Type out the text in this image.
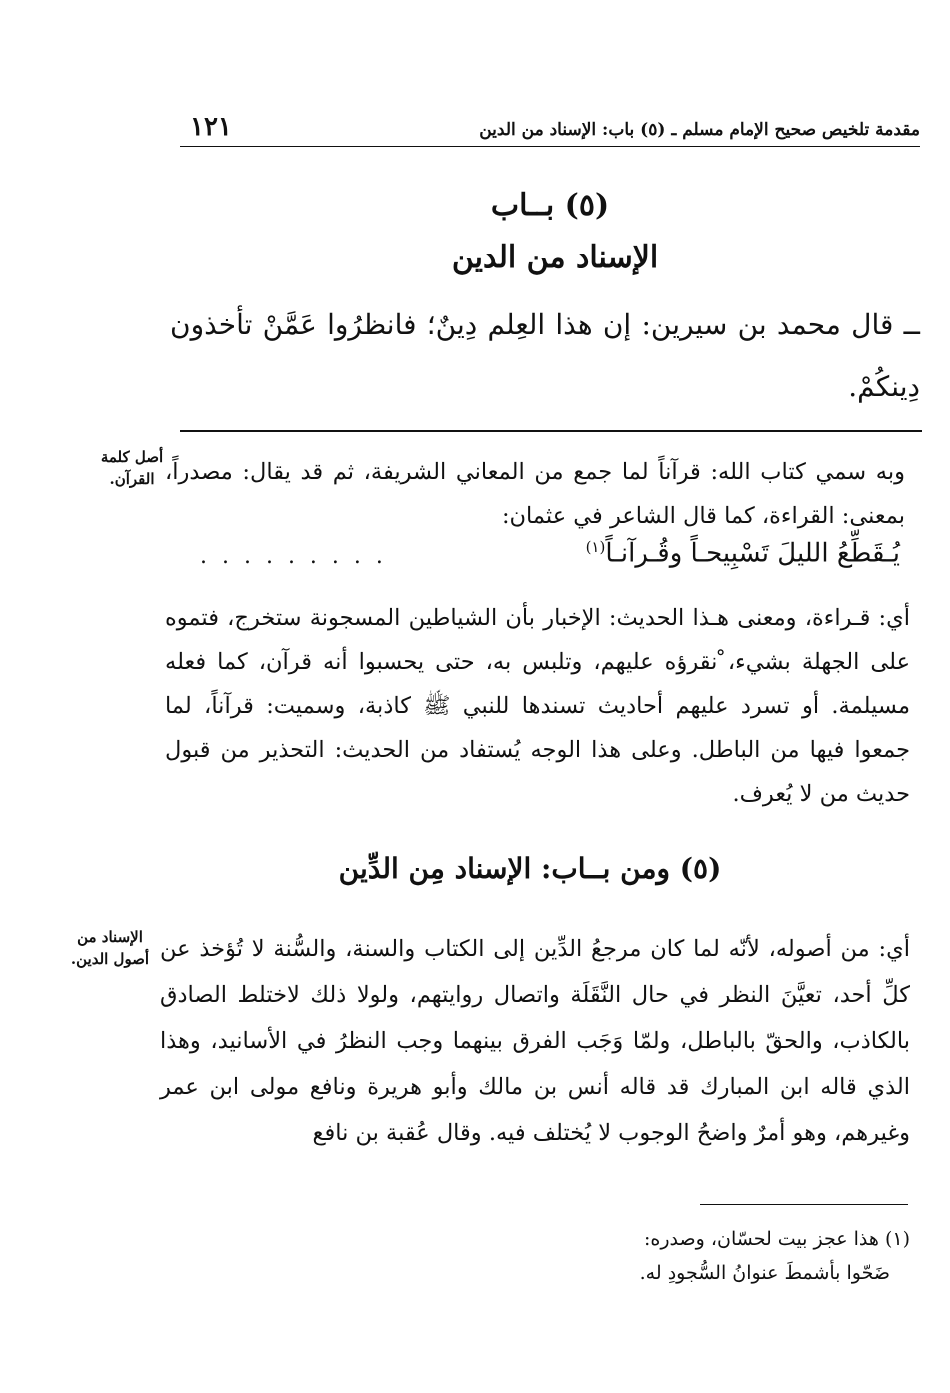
١٢١	مقدمة تلخيص صحيح الإمام مسلم ـ (٥) باب: الإسناد من الدين
(٥) بــاب
الإسناد من الدين
ــ قال محمد بن سيرين: إن هذا العِلم دِينٌ؛ فانظرُوا عَمَّنْ تأخذون دِينكُمْ.
أصل كلمة القرآن. وبه سمي كتاب الله: قرآناً لما جمع من المعاني الشريفة، ثم قد يقال: مصدراً، بمعنى: القراءة، كما قال الشاعر في عثمان:
. . . . . . . . .	يُـقَطِّعُ الليلَ تَسْبِيحـاً وقُـرآنـاً$^{(١)}$
أي: قـراءة، ومعنى هـذا الحديث: الإخبار بأن الشياطين المسجونة ستخرج، فتموه على الجهلة بشيء، ْنقرؤه عليهم، وتلبس به، حتى يحسبوا أنه قرآن، كما فعله مسيلمة. أو تسرد عليهم أحاديث تسندها للنبي ﷺ كاذبة، وسميت: قرآناً، لما جمعوا فيها من الباطل. وعلى هذا الوجه يُستفاد من الحديث: التحذير من قبول حديث من لا يُعرف.
(٥) ومن بــاب: الإسناد مِن الدِّين
الإسناد من أصول الدين. أي: من أصوله، لأنّه لما كان مرجعُ الدِّين إلى الكتاب والسنة، والسُّنة لا تُؤخذ عن كلِّ أحد، تعيَّنَ النظر في حال النَّقَلَة واتصال روايتهم، ولولا ذلك لاختلط الصادق بالكاذب، والحقّ بالباطل، ولمّا وَجَب الفرق بينهما وجب النظرُ في الأسانيد، وهذا الذي قاله ابن المبارك قد قاله أنس بن مالك وأبو هريرة ونافع مولى ابن عمر وغيرهم، وهو أمرٌ واضحُ الوجوب لا يُختلف فيه. وقال عُقبة بن نافع
(١) هذا عجز بيت لحسّان، وصدره:
ضَحّوا بأشمطَ عنوانُ السُّجودِ له.
